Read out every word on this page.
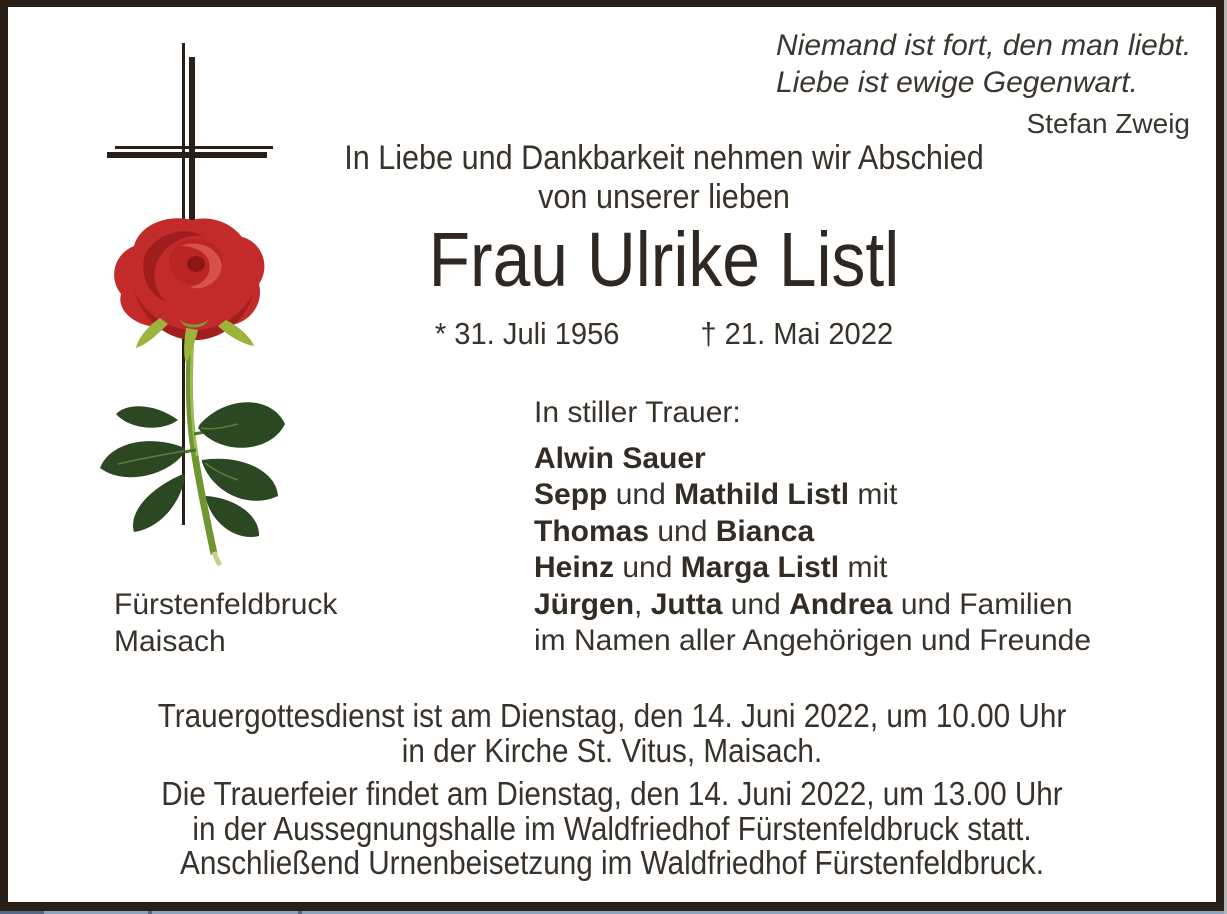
Niemand ist fort, den man liebt.
Liebe ist ewige Gegenwart.
Stefan Zweig
In Liebe und Dankbarkeit nehmen wir Abschied
von unserer lieben
Frau Ulrike Listl
* 31. Juli 1956	† 21. Mai 2022
In stiller Trauer:
Alwin Sauer
Sepp und Mathild Listl mit
Thomas und Bianca
Heinz und Marga Listl mit
Jürgen, Jutta und Andrea und Familien
im Namen aller Angehörigen und Freunde
Fürstenfeldbruck
Maisach
Trauergottesdienst ist am Dienstag, den 14. Juni 2022, um 10.00 Uhr
in der Kirche St. Vitus, Maisach.
Die Trauerfeier findet am Dienstag, den 14. Juni 2022, um 13.00 Uhr
in der Aussegnungshalle im Waldfriedhof Fürstenfeldbruck statt.
Anschließend Urnenbeisetzung im Waldfriedhof Fürstenfeldbruck.
